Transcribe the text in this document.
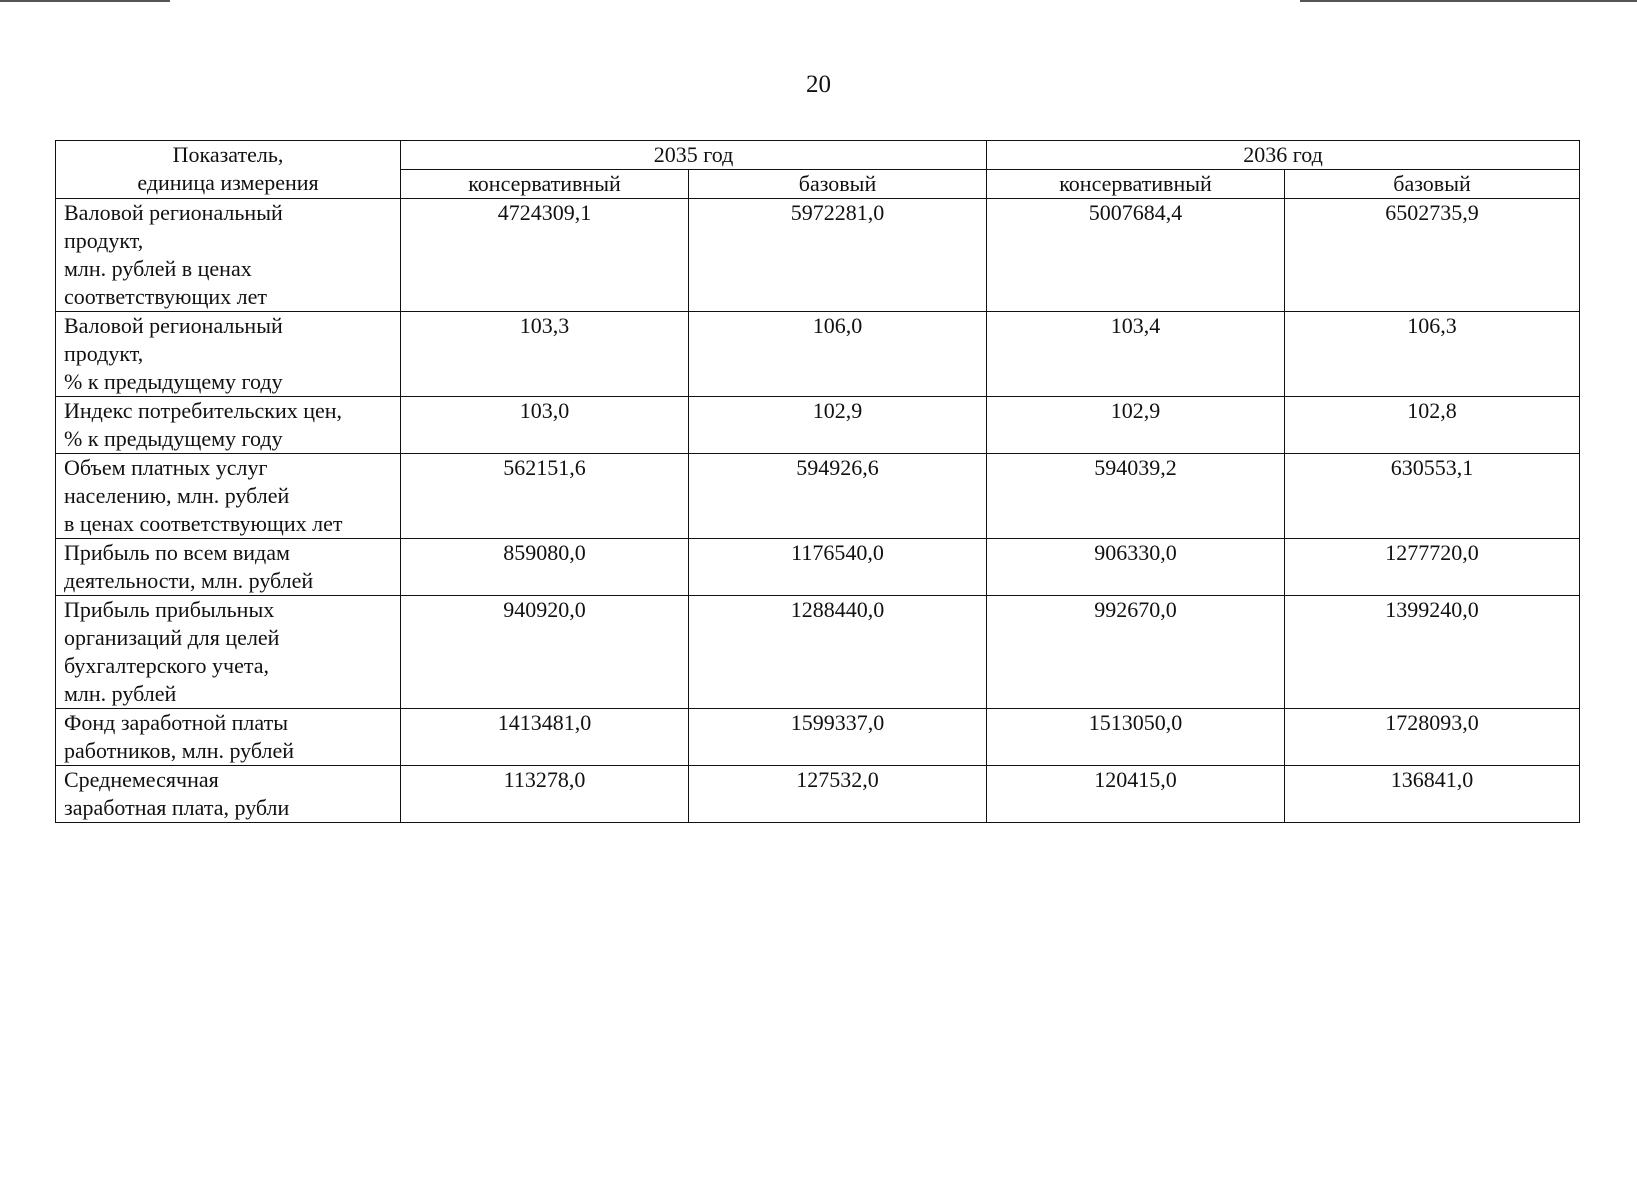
20
Показатель,
единица измерения	2035 год		2036 год	
	консервативный	базовый	консервативный	базовый

Валовой региональный
продукт,
млн. рублей в ценах
соответствующих лет	4724309,1	5972281,0	5007684,4	6502735,9

Валовой региональный
продукт,
% к предыдущему году	103,3	106,0	103,4	106,3

Индекс потребительских цен,
% к предыдущему году	103,0	102,9	102,9	102,8

Объем платных услуг
населению, млн. рублей
в ценах соответствующих лет	562151,6	594926,6	594039,2	630553,1

Прибыль по всем видам
деятельности, млн. рублей	859080,0	1176540,0	906330,0	1277720,0

Прибыль прибыльных
организаций для целей
бухгалтерского учета,
млн. рублей	940920,0	1288440,0	992670,0	1399240,0

Фонд заработной платы
работников, млн. рублей	1413481,0	1599337,0	1513050,0	1728093,0

Среднемесячная
заработная плата, рубли	113278,0	127532,0	120415,0	136841,0
